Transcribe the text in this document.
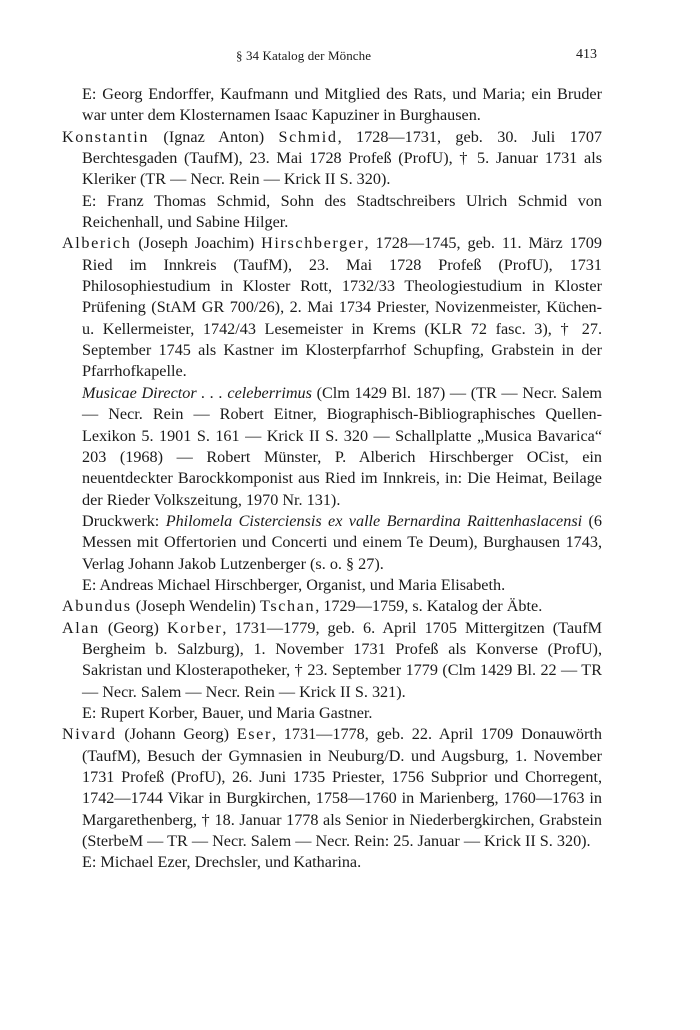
§ 34 Katalog der Mönche	413

E: Georg Endorffer, Kaufmann und Mitglied des Rats, und Maria; ein Bruder war unter dem Klosternamen Isaac Kapuziner in Burghausen.

Konstantin (Ignaz Anton) Schmid, 1728—1731, geb. 30. Juli 1707 Berchtesgaden (TaufM), 23. Mai 1728 Profeß (ProfU), † 5. Januar 1731 als Kleriker (TR — Necr. Rein — Krick II S. 320).

E: Franz Thomas Schmid, Sohn des Stadtschreibers Ulrich Schmid von Reichenhall, und Sabine Hilger.

Alberich (Joseph Joachim) Hirschberger, 1728—1745, geb. 11. März 1709 Ried im Innkreis (TaufM), 23. Mai 1728 Profeß (ProfU), 1731 Philosophiestudium in Kloster Rott, 1732/33 Theologiestudium in Kloster Prüfening (StAM GR 700/26), 2. Mai 1734 Priester, Novizenmeister, Küchen- u. Kellermeister, 1742/43 Lesemeister in Krems (KLR 72 fasc. 3), † 27. September 1745 als Kastner im Klosterpfarrhof Schupfing, Grabstein in der Pfarrhofkapelle.

Musicae Director . . . celeberrimus (Clm 1429 Bl. 187) — (TR — Necr. Salem — Necr. Rein — Robert Eitner, Biographisch-Bibliographisches Quellen-Lexikon 5. 1901 S. 161 — Krick II S. 320 — Schallplatte „Musica Bavarica“ 203 (1968) — Robert Münster, P. Alberich Hirschberger OCist, ein neuentdeckter Barockkomponist aus Ried im Innkreis, in: Die Heimat, Beilage der Rieder Volkszeitung, 1970 Nr. 131).

Druckwerk: Philomela Cisterciensis ex valle Bernardina Raittenhaslacensi (6 Messen mit Offertorien und Concerti und einem Te Deum), Burghausen 1743, Verlag Johann Jakob Lutzenberger (s. o. § 27).

E: Andreas Michael Hirschberger, Organist, und Maria Elisabeth.

Abundus (Joseph Wendelin) Tschan, 1729—1759, s. Katalog der Äbte.

Alan (Georg) Korber, 1731—1779, geb. 6. April 1705 Mittergitzen (TaufM Bergheim b. Salzburg), 1. November 1731 Profeß als Konverse (ProfU), Sakristan und Klosterapotheker, † 23. September 1779 (Clm 1429 Bl. 22 — TR — Necr. Salem — Necr. Rein — Krick II S. 321).

E: Rupert Korber, Bauer, und Maria Gastner.

Nivard (Johann Georg) Eser, 1731—1778, geb. 22. April 1709 Donauwörth (TaufM), Besuch der Gymnasien in Neuburg/D. und Augsburg, 1. November 1731 Profeß (ProfU), 26. Juni 1735 Priester, 1756 Subprior und Chorregent, 1742—1744 Vikar in Burgkirchen, 1758—1760 in Marienberg, 1760—1763 in Margarethenberg, † 18. Januar 1778 als Senior in Niederbergkirchen, Grabstein (SterbeM — TR — Necr. Salem — Necr. Rein: 25. Januar — Krick II S. 320).

E: Michael Ezer, Drechsler, und Katharina.
